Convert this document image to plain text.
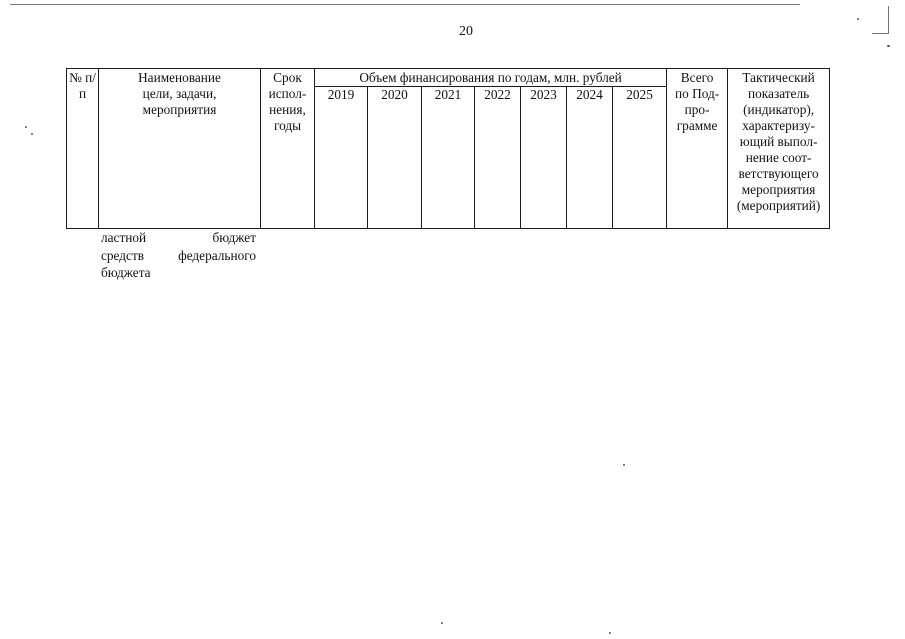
20
№ п/п	Наименование цели, задачи, мероприятия	Срок испол- нения, годы	Объем финансирования по годам, млн. рублей							Всего по Под- про- грамме	Тактический показатель (индикатор), характеризу- ющий выпол- нение соот- ветствующего мероприятия (мероприятий)
			2019	2020	2021	2022	2023	2024	2025		
ластной бюджет
средств федерального
бюджета
